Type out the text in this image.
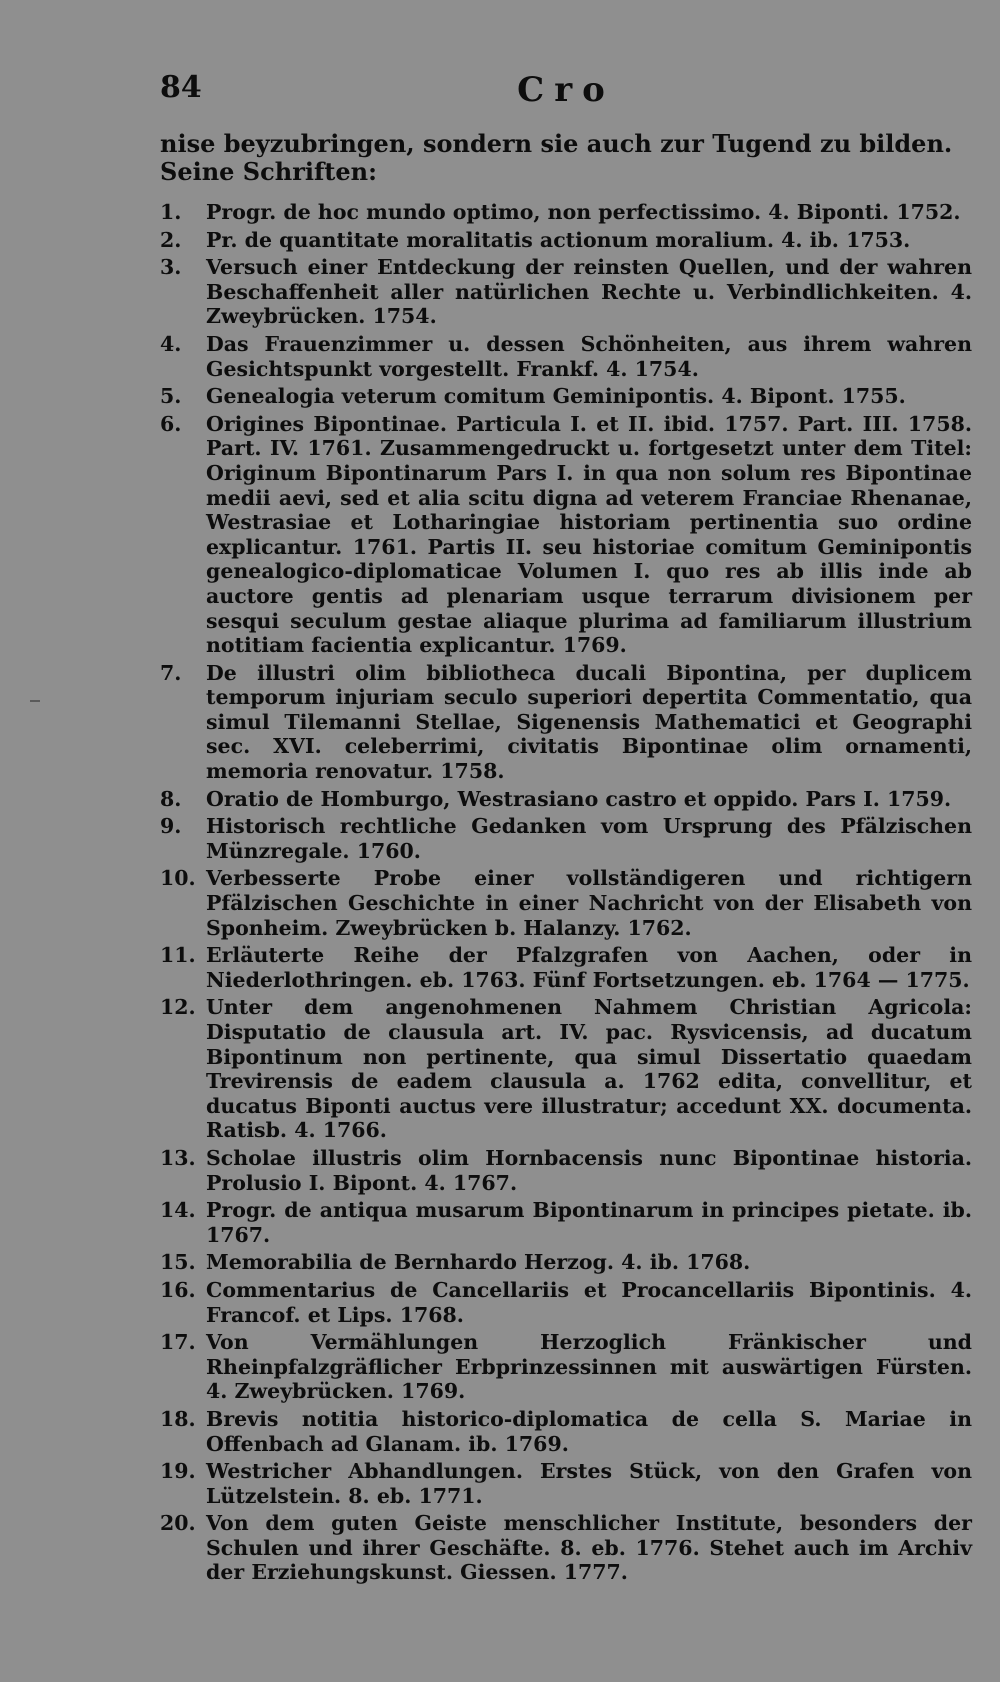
84	Cro

nise beyzubringen, sondern sie auch zur Tugend zu bilden.

Seine Schriften:

1.	Progr. de hoc mundo optimo, non perfectissimo. 4. Biponti. 1752.
2.	Pr. de quantitate moralitatis actionum moralium. 4. ib. 1753.
3.	Versuch einer Entdeckung der reinsten Quellen, und der wahren Beschaffenheit aller natürlichen Rechte u. Verbindlichkeiten. 4. Zweybrücken. 1754.
4.	Das Frauenzimmer u. dessen Schönheiten, aus ihrem wahren Gesichtspunkt vorgestellt. Frankf. 4. 1754.
5.	Genealogia veterum comitum Geminipontis. 4. Bipont. 1755.
6.	Origines Bipontinae. Particula I. et II. ibid. 1757. Part. III. 1758. Part. IV. 1761. Zusammengedruckt u. fortgesetzt unter dem Titel: Originum Bipontinarum Pars I. in qua non solum res Bipontinae medii aevi, sed et alia scitu digna ad veterem Franciae Rhenanae, Westrasiae et Lotharingiae historiam pertinentia suo ordine explicantur. 1761. Partis II. seu historiae comitum Geminipontis genealogico-diplomaticae Volumen I. quo res ab illis inde ab auctore gentis ad plenariam usque terrarum divisionem per sesqui seculum gestae aliaque plurima ad familiarum illustrium notitiam facientia explicantur. 1769.
7.	De illustri olim bibliotheca ducali Bipontina, per duplicem temporum injuriam seculo superiori depertita Commentatio, qua simul Tilemanni Stellae, Sigenensis Mathematici et Geographi sec. XVI. celeberrimi, civitatis Bipontinae olim ornamenti, memoria renovatur. 1758.
8.	Oratio de Homburgo, Westrasiano castro et oppido. Pars I. 1759.
9.	Historisch rechtliche Gedanken vom Ursprung des Pfälzischen Münzregale. 1760.
10. Verbesserte Probe einer vollständigeren und richtigern Pfälzischen Geschichte in einer Nachricht von der Elisabeth von Sponheim. Zweybrücken b. Halanzy. 1762.
11. Erläuterte Reihe der Pfalzgrafen von Aachen, oder in Niederlothringen. eb. 1763. Fünf Fortsetzungen. eb. 1764 — 1775.
12. Unter dem angenohmenen Nahmem Christian Agricola: Disputatio de clausula art. IV. pac. Rysvicensis, ad ducatum Bipontinum non pertinente, qua simul Dissertatio quaedam Trevirensis de eadem clausula a. 1762 edita, convellitur, et ducatus Biponti auctus vere illustratur; accedunt XX. documenta. Ratisb. 4. 1766.
13. Scholae illustris olim Hornbacensis nunc Bipontinae historia. Prolusio I. Bipont. 4. 1767.
14. Progr. de antiqua musarum Bipontinarum in principes pietate. ib. 1767.
15. Memorabilia de Bernhardo Herzog. 4. ib. 1768.
16. Commentarius de Cancellariis et Procancellariis Bipontinis. 4. Francof. et Lips. 1768.
17. Von Vermählungen Herzoglich Fränkischer und Rheinpfalzgräflicher Erbprinzessinnen mit auswärtigen Fürsten. 4. Zweybrücken. 1769.
18. Brevis notitia historico-diplomatica de cella S. Mariae in Offenbach ad Glanam. ib. 1769.
19. Westricher Abhandlungen. Erstes Stück, von den Grafen von Lützelstein. 8. eb. 1771.
20. Von dem guten Geiste menschlicher Institute, besonders der Schulen und ihrer Geschäfte. 8. eb. 1776. Stehet auch im Archiv der Erziehungskunst. Giessen. 1777.
